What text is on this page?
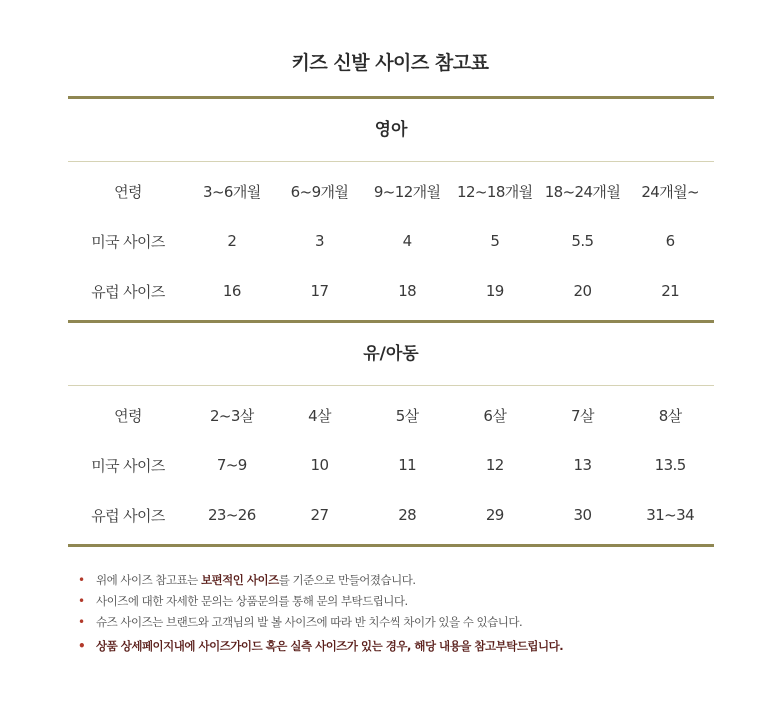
키즈 신발 사이즈 참고표
영아
연령	3~6개월	6~9개월	9~12개월	12~18개월	18~24개월	24개월~
미국 사이즈	2	3	4	5	5.5	6
유럽 사이즈	16	17	18	19	20	21
유/아동
연령	2~3살	4살	5살	6살	7살	8살
미국 사이즈	7~9	10	11	12	13	13.5
유럽 사이즈	23~26	27	28	29	30	31~34
• 위에 사이즈 참고표는 보편적인 사이즈를 기준으로 만들어졌습니다.
• 사이즈에 대한 자세한 문의는 상품문의를 통해 문의 부탁드립니다.
• 슈즈 사이즈는 브랜드와 고객님의 발 볼 사이즈에 따라 반 치수씩 차이가 있을 수 있습니다.
• 상품 상세페이지내에 사이즈가이드 혹은 실측 사이즈가 있는 경우, 해당 내용을 참고부탁드립니다.
